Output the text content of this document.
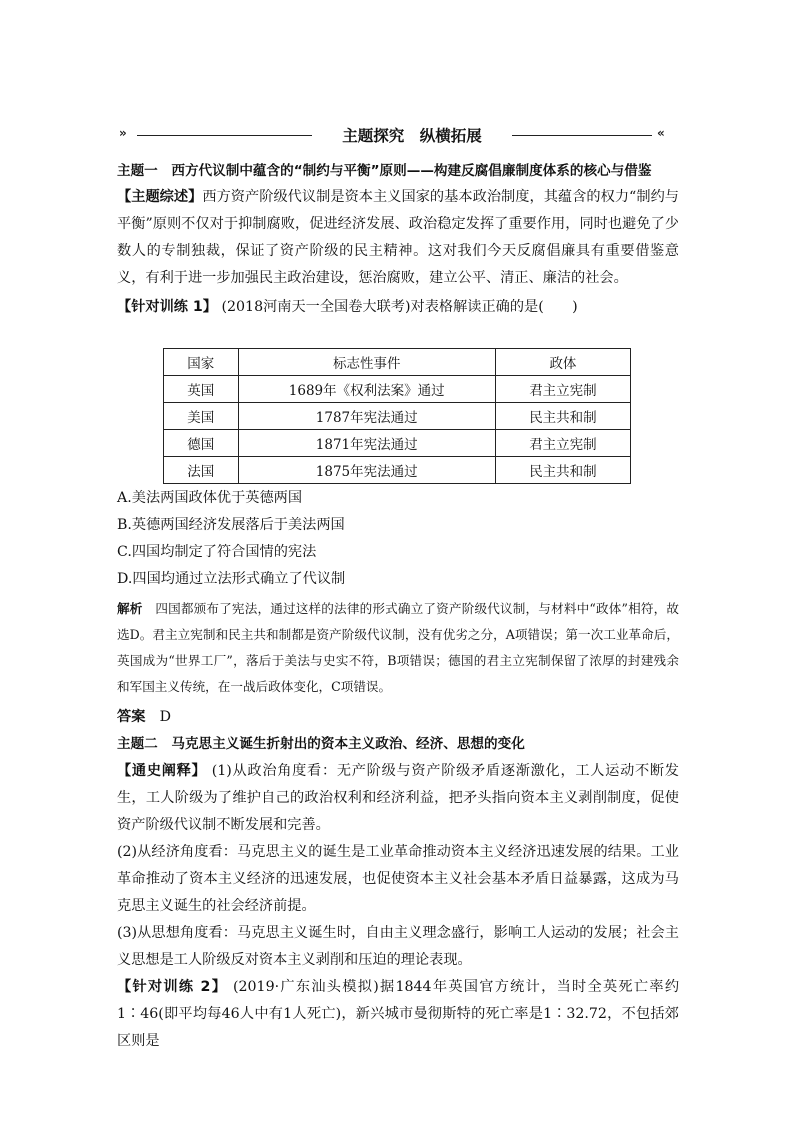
»	主题探究　纵横拓展	«

主题一　西方代议制中蕴含的“制约与平衡”原则——构建反腐倡廉制度体系的核心与借鉴

【主题综述】西方资产阶级代议制是资本主义国家的基本政治制度，其蕴含的权力“制约与平衡”原则不仅对于抑制腐败，促进经济发展、政治稳定发挥了重要作用，同时也避免了少数人的专制独裁，保证了资产阶级的民主精神。这对我们今天反腐倡廉具有重要借鉴意义，有利于进一步加强民主政治建设，惩治腐败，建立公平、清正、廉洁的社会。

【针对训练 1】 (2018河南天一全国卷大联考)对表格解读正确的是(　　)

国家	标志性事件	政体
英国	1689年《权利法案》通过	君主立宪制
美国	1787年宪法通过	民主共和制
德国	1871年宪法通过	君主立宪制
法国	1875年宪法通过	民主共和制

A.美法两国政体优于英德两国

B.英德两国经济发展落后于美法两国

C.四国均制定了符合国情的宪法

D.四国均通过立法形式确立了代议制

解析　 四国都颁布了宪法，通过这样的法律的形式确立了资产阶级代议制，与材料中“政体”相符，故选D。君主立宪制和民主共和制都是资产阶级代议制，没有优劣之分，A项错误；第一次工业革命后，英国成为“世界工厂”，落后于美法与史实不符，B项错误；德国的君主立宪制保留了浓厚的封建残余和军国主义传统，在一战后政体变化，C项错误。

答案　 D

主题二　马克思主义诞生折射出的资本主义政治、经济、思想的变化

【通史阐释】 (1)从政治角度看：无产阶级与资产阶级矛盾逐渐激化，工人运动不断发生，工人阶级为了维护自己的政治权利和经济利益，把矛头指向资本主义剥削制度，促使资产阶级代议制不断发展和完善。

(2)从经济角度看：马克思主义的诞生是工业革命推动资本主义经济迅速发展的结果。工业革命推动了资本主义经济的迅速发展，也促使资本主义社会基本矛盾日益暴露，这成为马克思主义诞生的社会经济前提。

(3)从思想角度看：马克思主义诞生时，自由主义理念盛行，影响工人运动的发展；社会主义思想是工人阶级反对资本主义剥削和压迫的理论表现。

【针对训练 2】 (2019·广东汕头模拟)据1844年英国官方统计，当时全英死亡率约1∶46(即平均每46人中有1人死亡)，新兴城市曼彻斯特的死亡率是1∶32.72，不包括郊区则是
